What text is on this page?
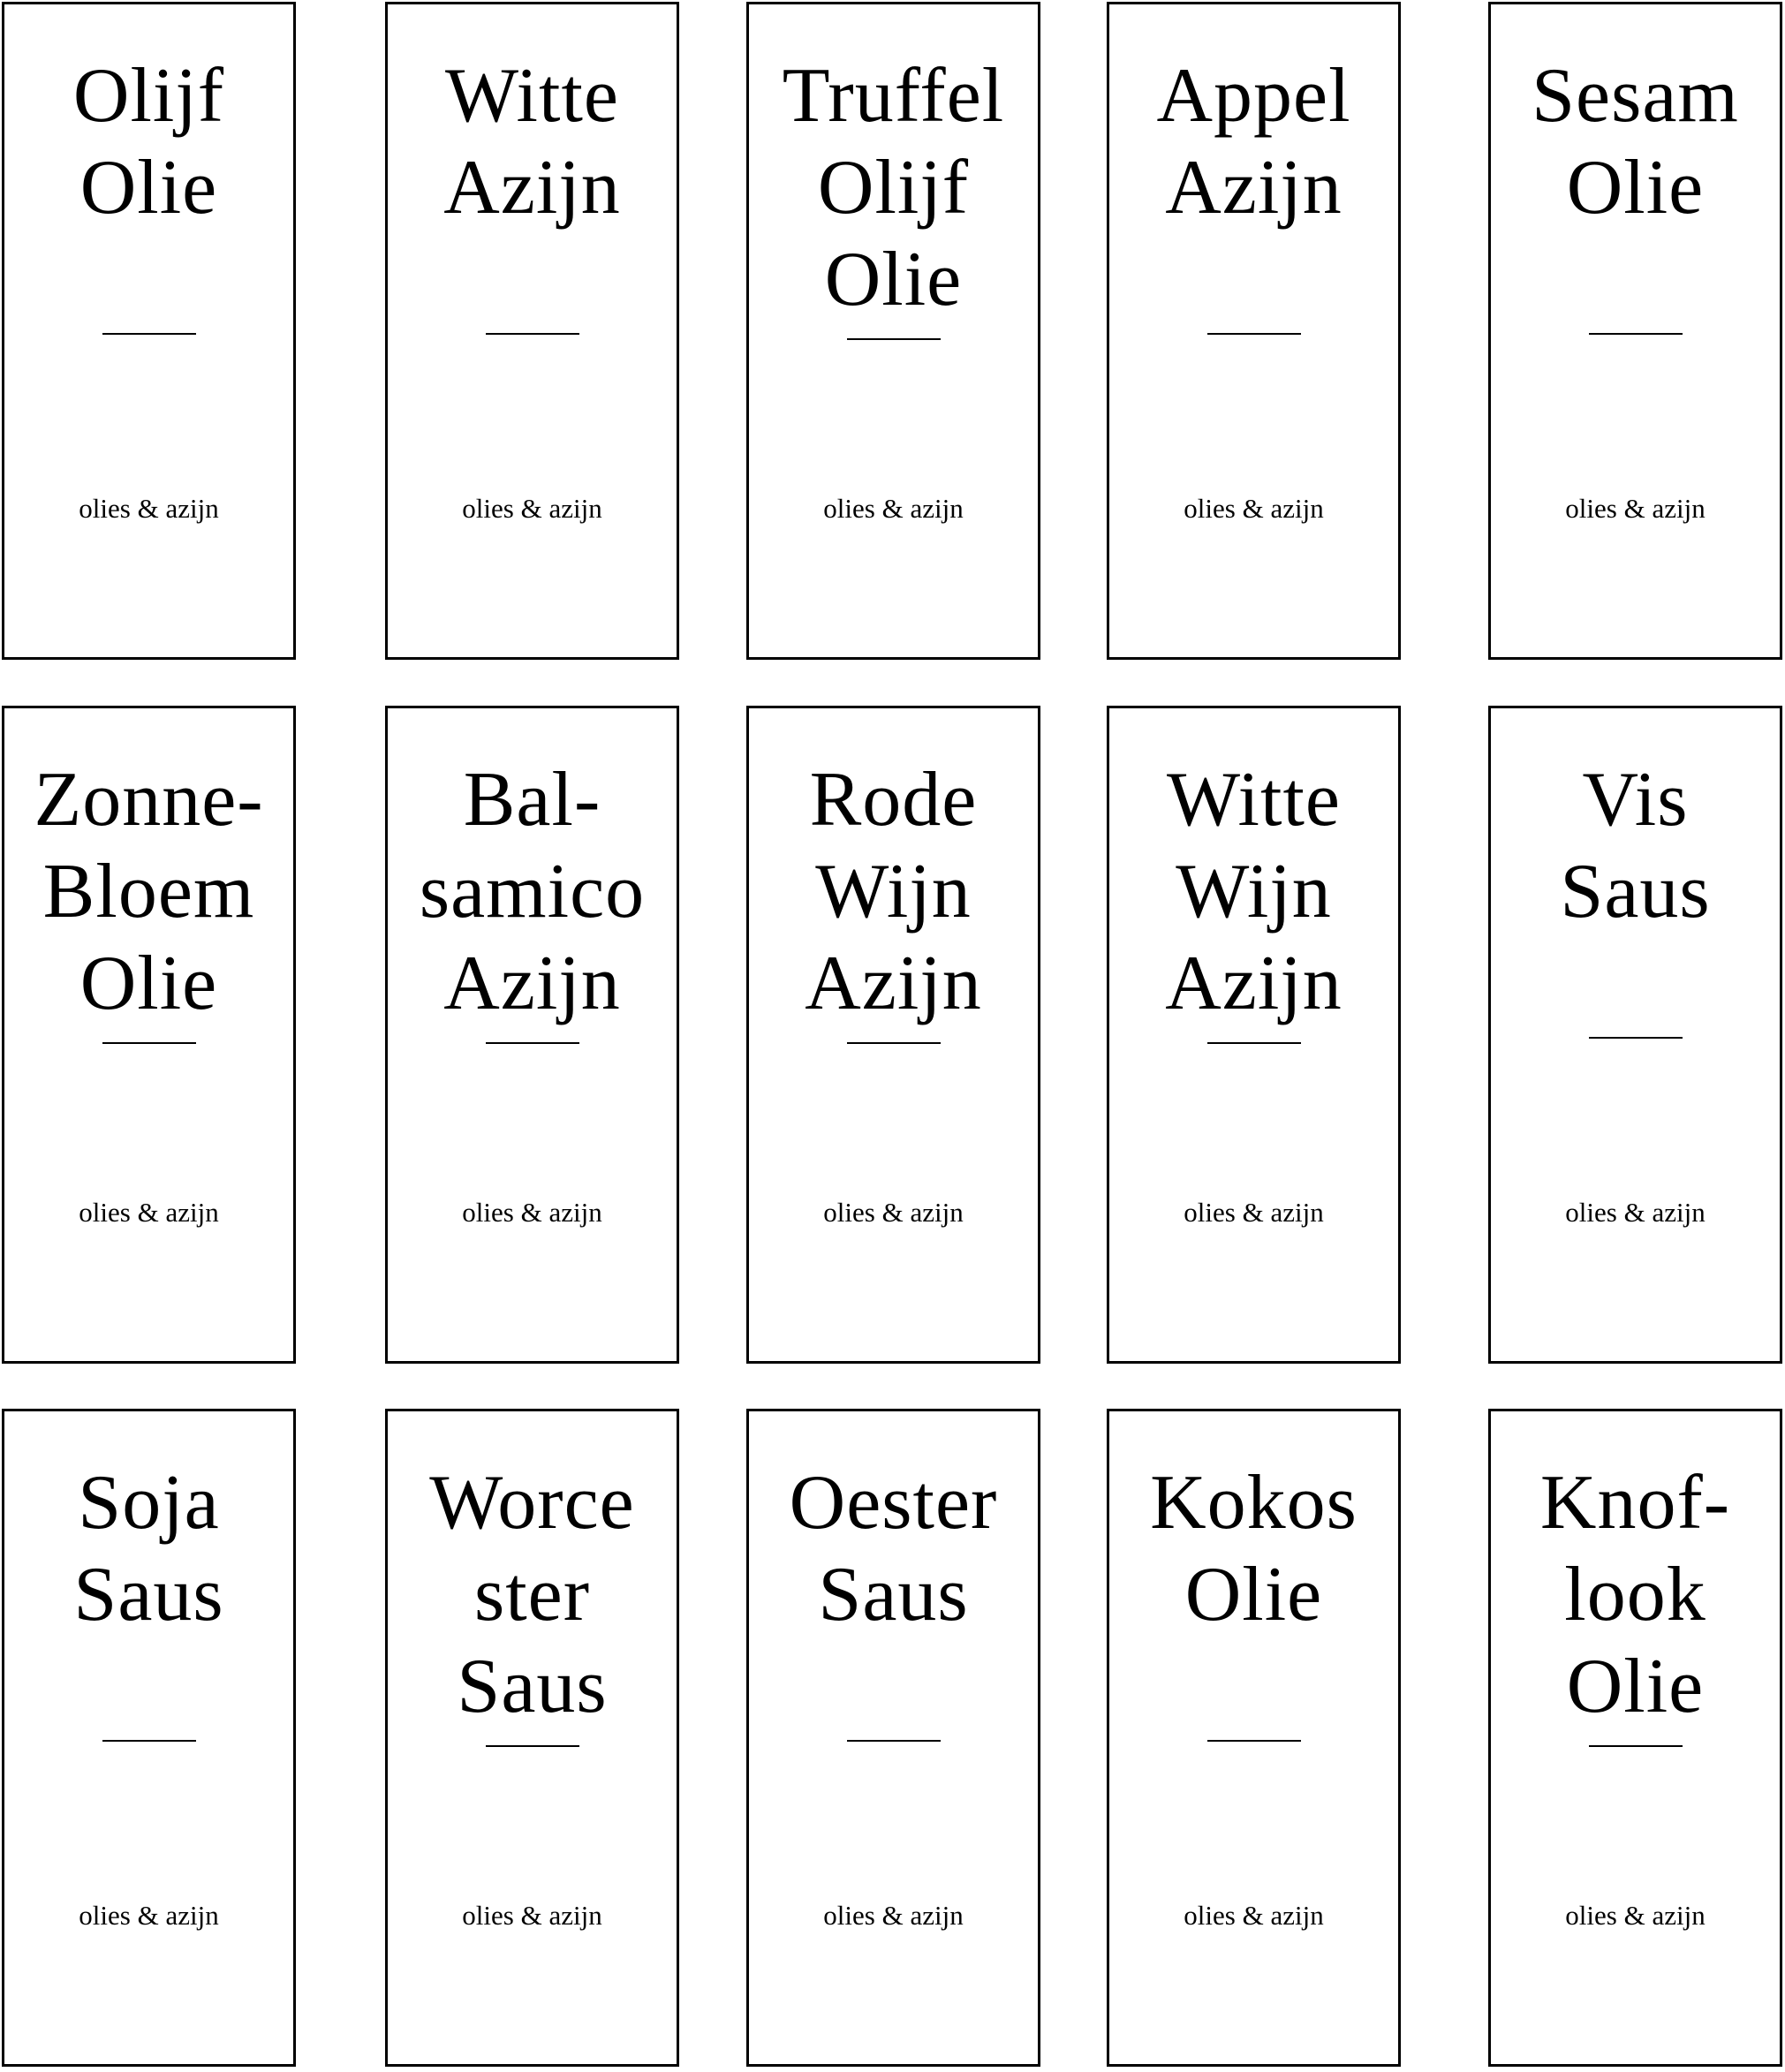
Olijf
Olie
olies & azijn
Witte
Azijn
olies & azijn
Truffel
Olijf
Olie
olies & azijn
Appel
Azijn
olies & azijn
Sesam
Olie
olies & azijn
Zonne-
Bloem
Olie
olies & azijn
Bal-
samico
Azijn
olies & azijn
Rode
Wijn
Azijn
olies & azijn
Witte
Wijn
Azijn
olies & azijn
Vis
Saus
olies & azijn
Soja
Saus
olies & azijn
Worce
ster
Saus
olies & azijn
Oester
Saus
olies & azijn
Kokos
Olie
olies & azijn
Knof-
look
Olie
olies & azijn
